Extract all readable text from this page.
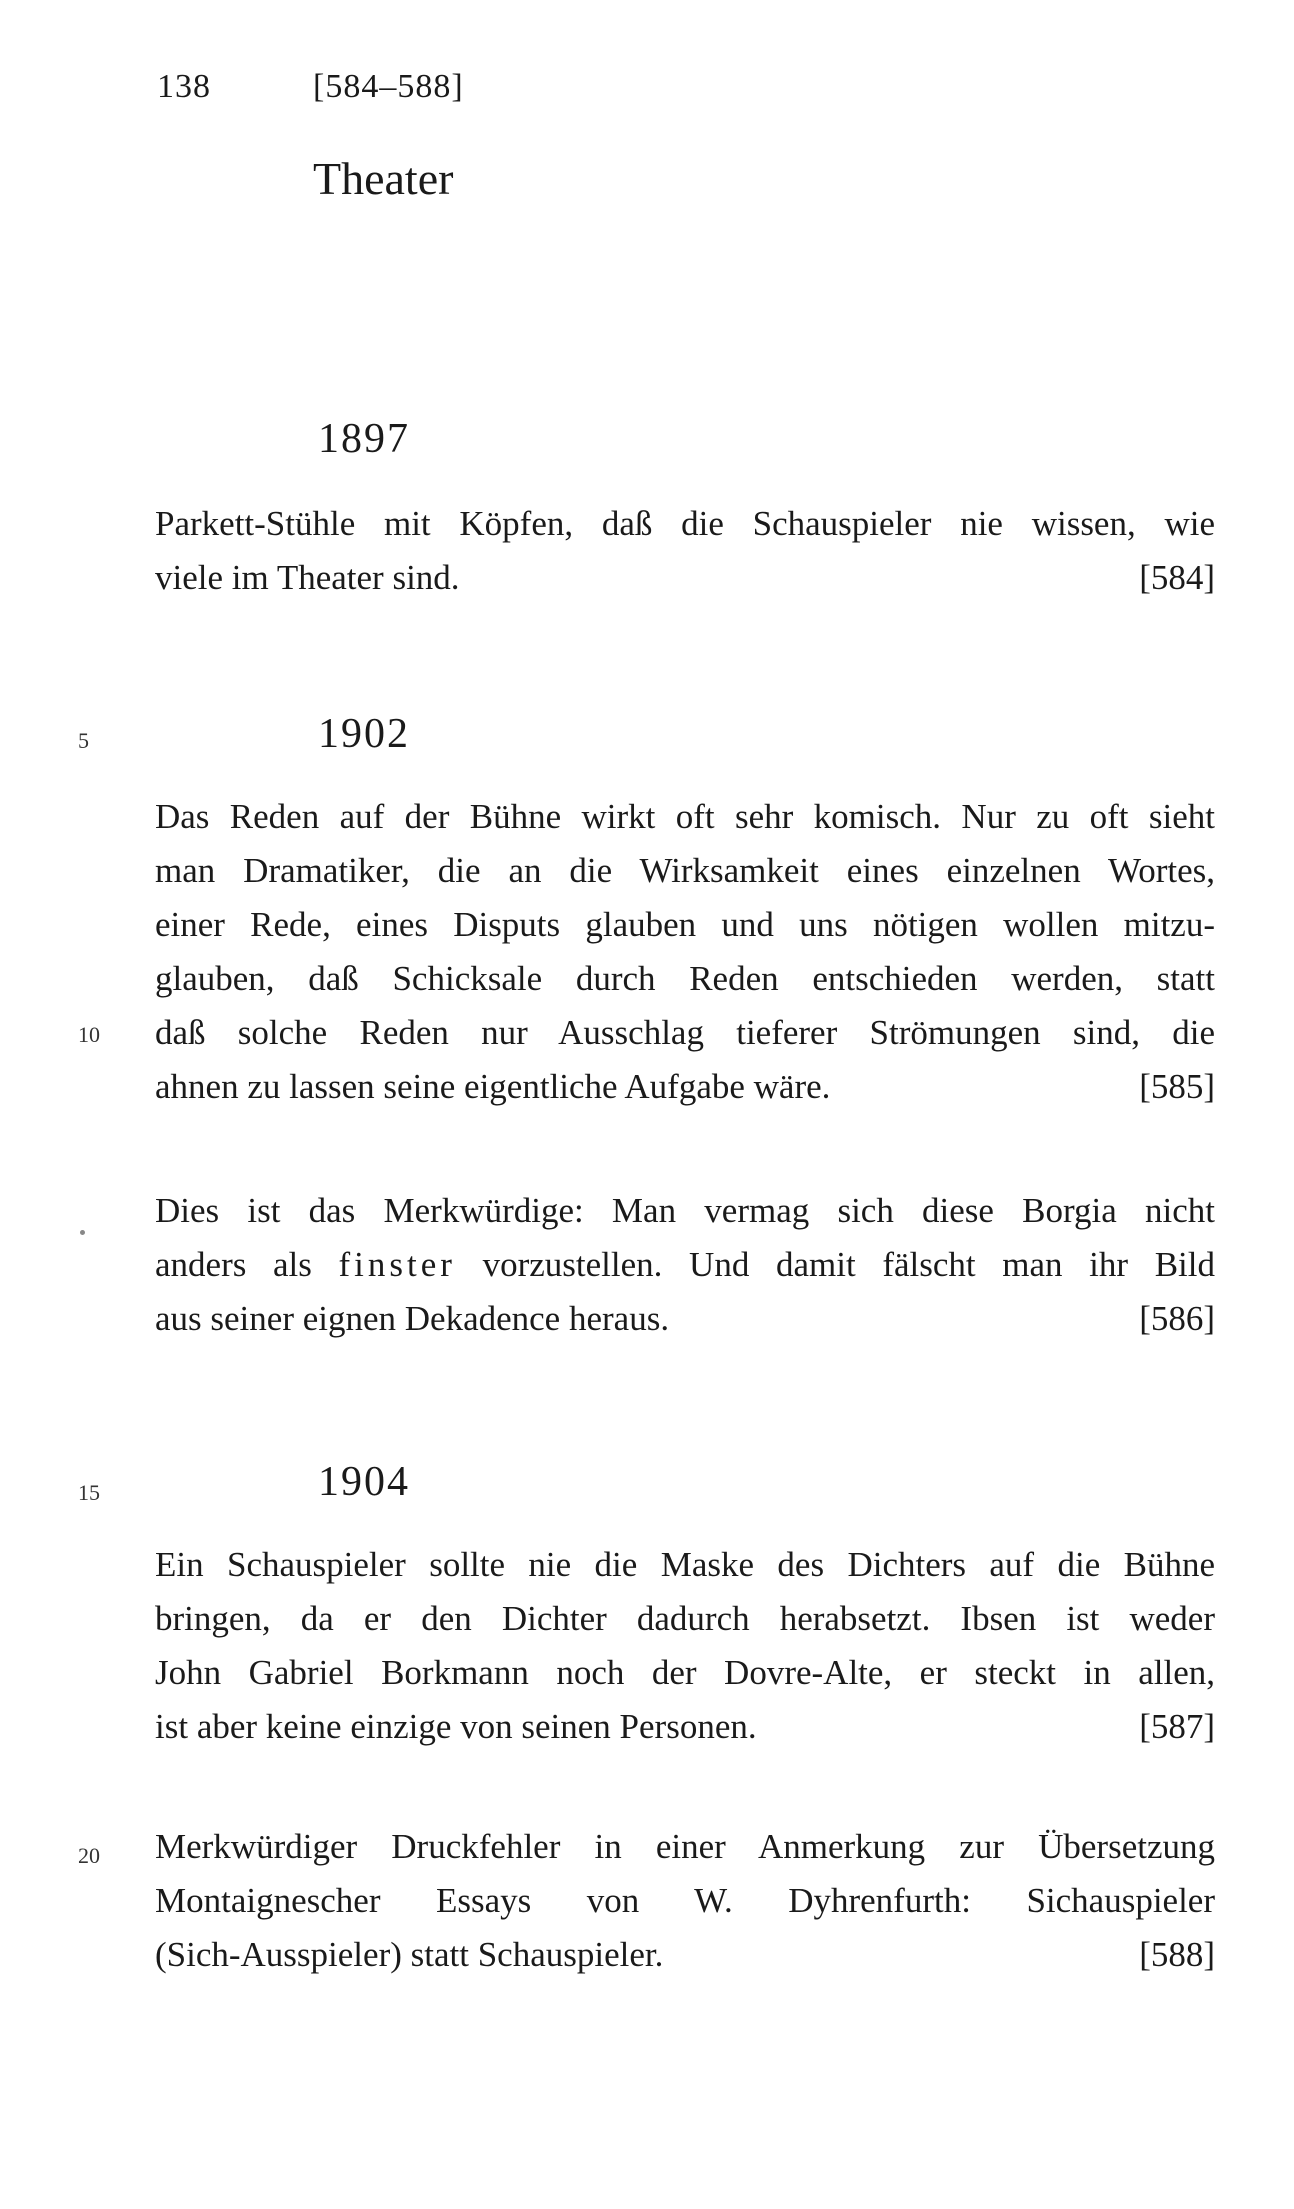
138	[584–588]
Theater
5
10
15
20
1897
Parkett-Stühle mit Köpfen, daß die Schauspieler nie wissen, wie
viele im Theater sind.	[584]
1902
Das Reden auf der Bühne wirkt oft sehr komisch. Nur zu oft sieht
man Dramatiker, die an die Wirksamkeit eines einzelnen Wortes,
einer Rede, eines Disputs glauben und uns nötigen wollen mitzu-
glauben, daß Schicksale durch Reden entschieden werden, statt
daß solche Reden nur Ausschlag tieferer Strömungen sind, die
ahnen zu lassen seine eigentliche Aufgabe wäre.	[585]
Dies ist das Merkwürdige: Man vermag sich diese Borgia nicht
anders als finster vorzustellen. Und damit fälscht man ihr Bild
aus seiner eignen Dekadence heraus.	[586]
1904
Ein Schauspieler sollte nie die Maske des Dichters auf die Bühne
bringen, da er den Dichter dadurch herabsetzt. Ibsen ist weder
John Gabriel Borkmann noch der Dovre-Alte, er steckt in allen,
ist aber keine einzige von seinen Personen.	[587]
Merkwürdiger Druckfehler in einer Anmerkung zur Übersetzung
Montaignescher Essays von W. Dyhrenfurth: Sichauspieler
(Sich-Ausspieler) statt Schauspieler.	[588]
